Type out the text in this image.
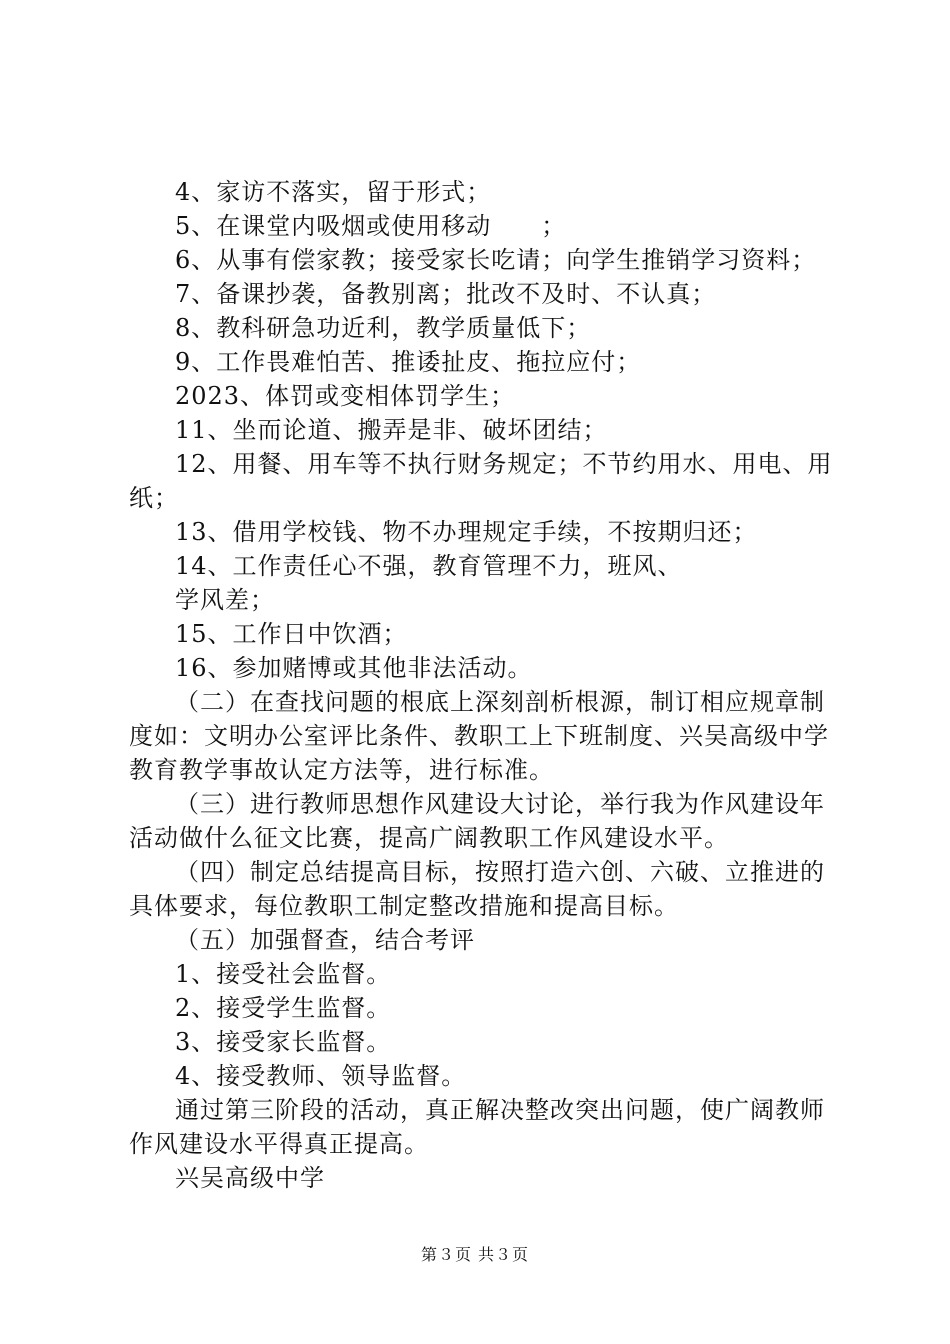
4、家访不落实，留于形式；

5、在课堂内吸烟或使用移动　　；

6、从事有偿家教；接受家长吃请；向学生推销学习资料；

7、备课抄袭，备教别离；批改不及时、不认真；

8、教科研急功近利，教学质量低下；

9、工作畏难怕苦、推诿扯皮、拖拉应付；

2023、体罚或变相体罚学生；

11、坐而论道、搬弄是非、破坏团结；

12、用餐、用车等不执行财务规定；不节约用水、用电、用纸；

13、借用学校钱、物不办理规定手续，不按期归还；

14、工作责任心不强，教育管理不力，班风、

学风差；

15、工作日中饮酒；

16、参加赌博或其他非法活动。

（二）在查找问题的根底上深刻剖析根源，制订相应规章制度如：文明办公室评比条件、教职工上下班制度、兴吴高级中学教育教学事故认定方法等，进行标准。

（三）进行教师思想作风建设大讨论，举行我为作风建设年活动做什么征文比赛，提高广阔教职工作风建设水平。

（四）制定总结提高目标，按照打造六创、六破、立推进的具体要求，每位教职工制定整改措施和提高目标。

（五）加强督查，结合考评

1、接受社会监督。

2、接受学生监督。

3、接受家长监督。

4、接受教师、领导监督。

通过第三阶段的活动，真正解决整改突出问题，使广阔教师作风建设水平得真正提高。

兴吴高级中学

第３页 共３页
